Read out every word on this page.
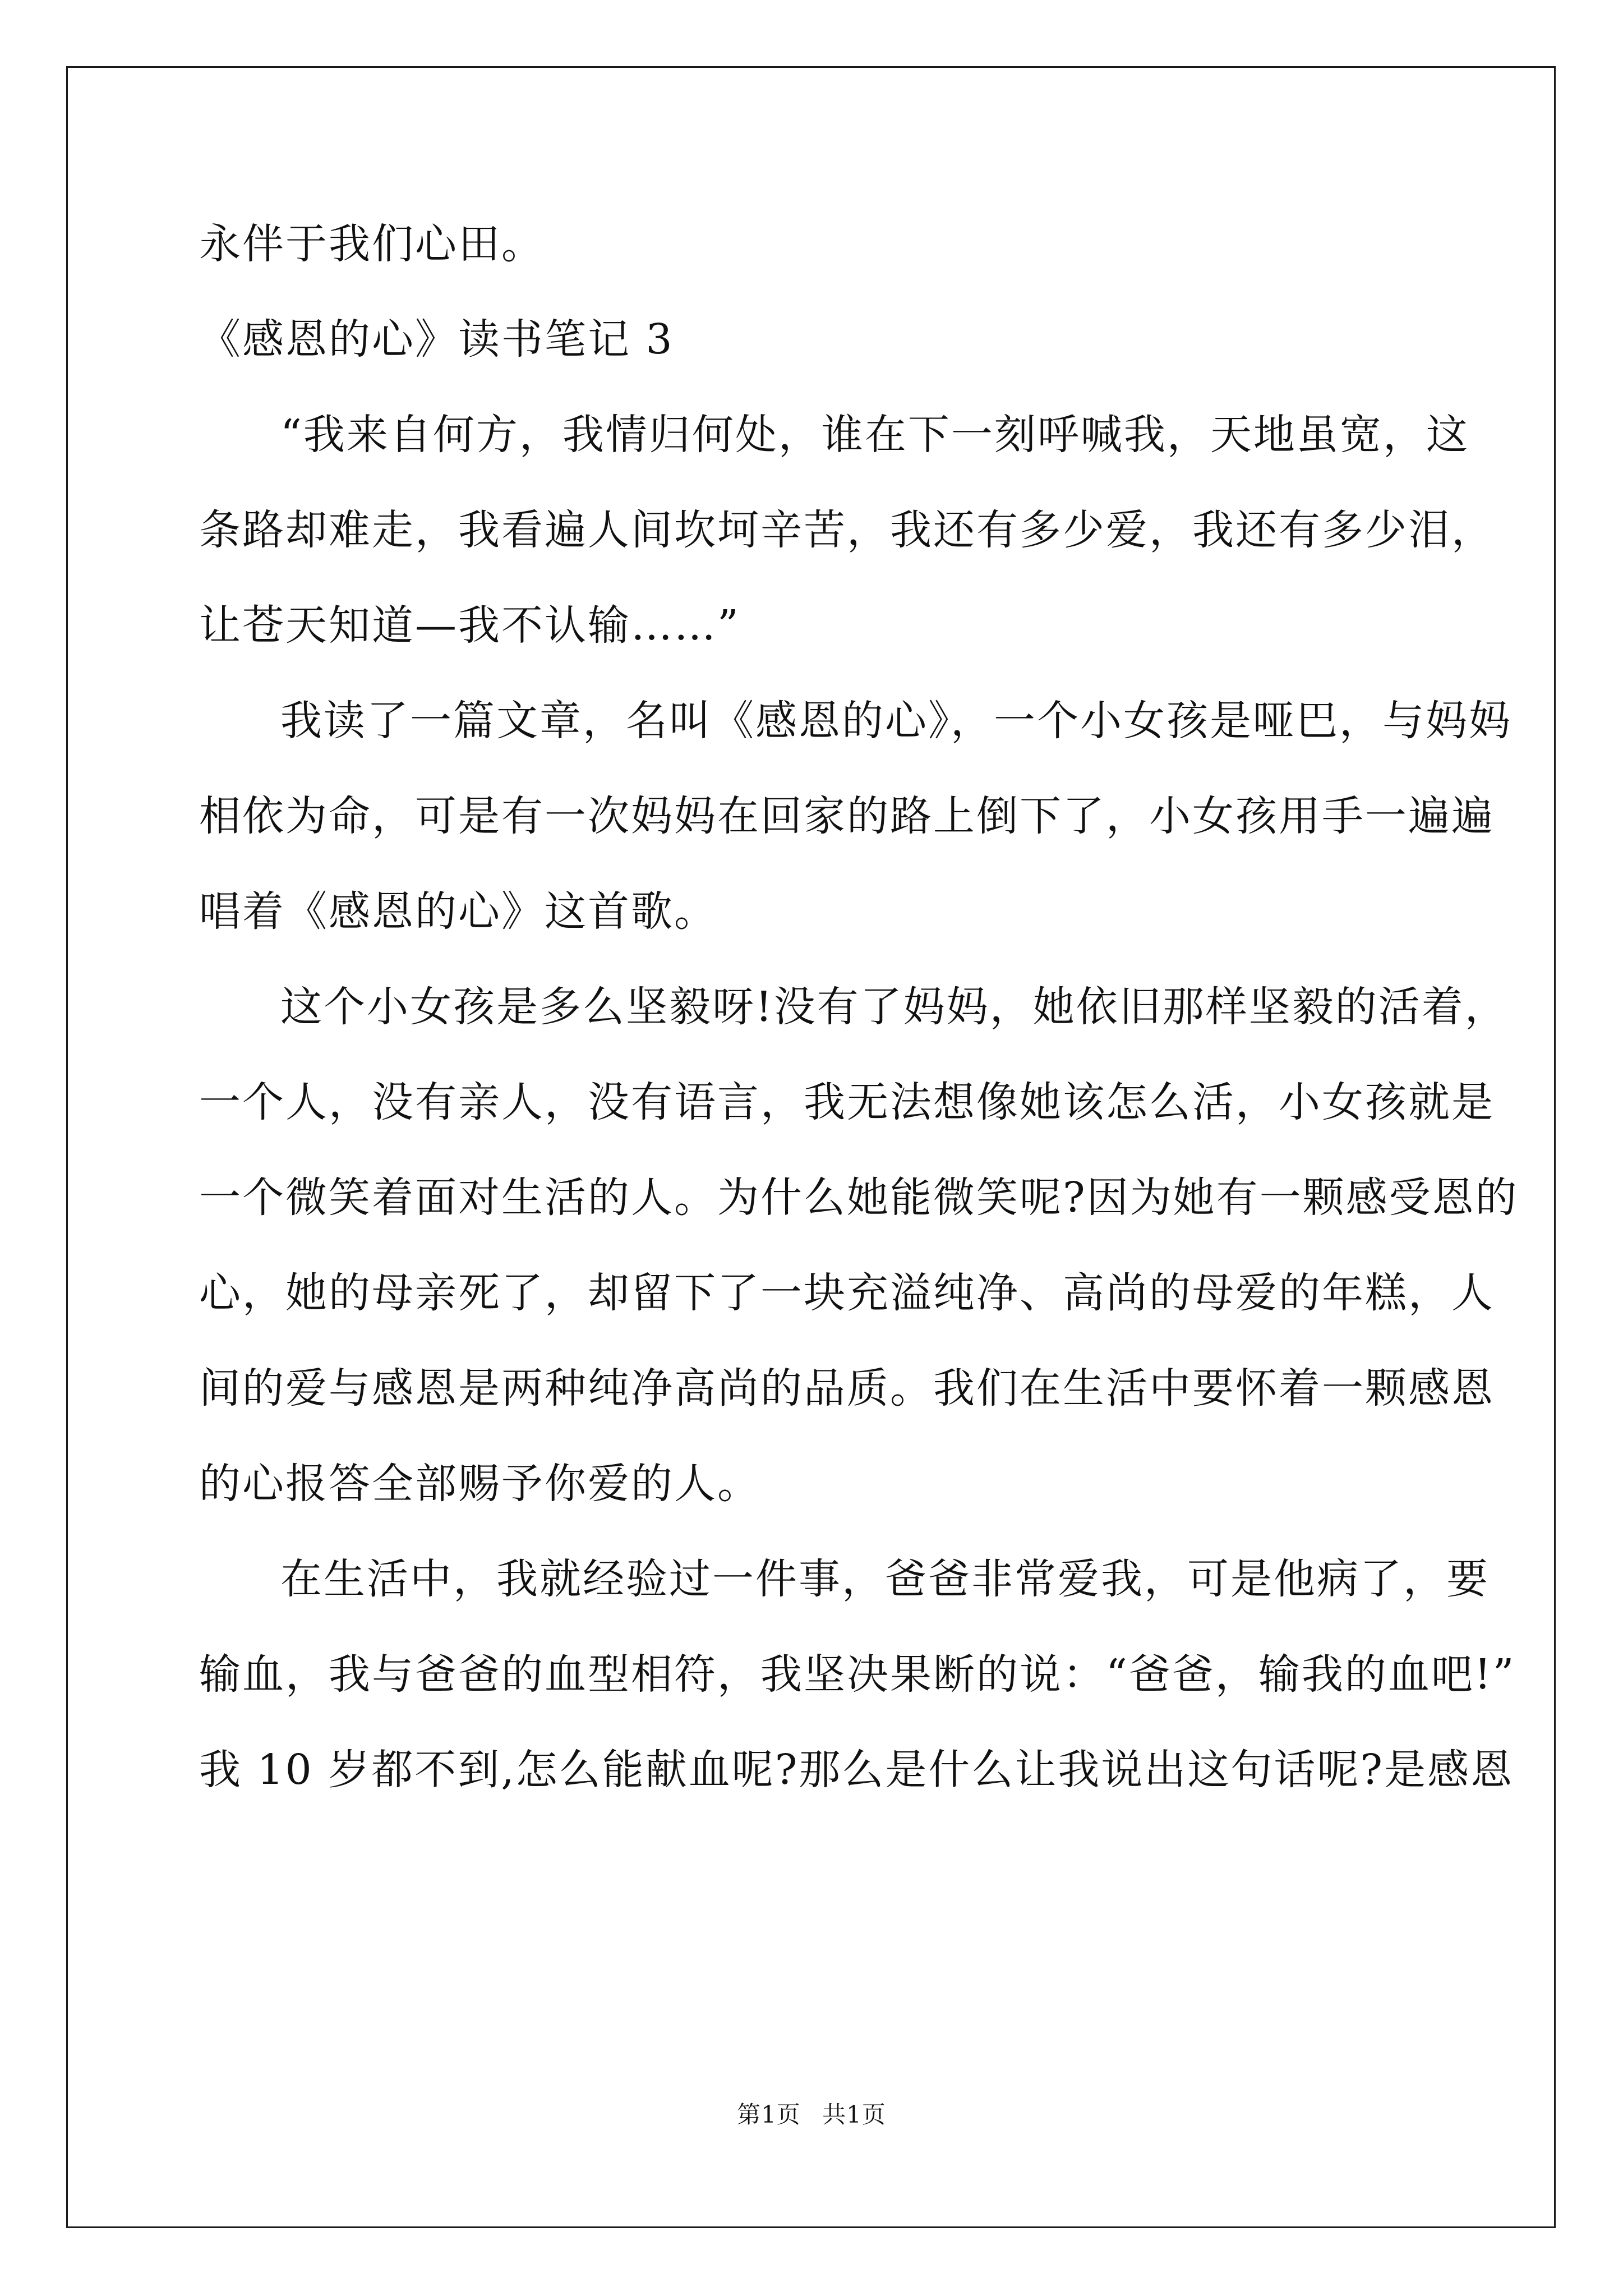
永伴于我们心田。
《感恩的心》读书笔记 3
“我来自何方，我情归何处，谁在下一刻呼喊我，天地虽宽，这
条路却难走，我看遍人间坎坷辛苦，我还有多少爱，我还有多少泪，
让苍天知道—我不认输……”
我读了一篇文章，名叫《感恩的心》，一个小女孩是哑巴，与妈妈
相依为命，可是有一次妈妈在回家的路上倒下了，小女孩用手一遍遍
唱着《感恩的心》这首歌。
这个小女孩是多么坚毅呀!没有了妈妈，她依旧那样坚毅的活着，
一个人，没有亲人，没有语言，我无法想像她该怎么活，小女孩就是
一个微笑着面对生活的人。为什么她能微笑呢?因为她有一颗感受恩的
心，她的母亲死了，却留下了一块充溢纯净、高尚的母爱的年糕，人
间的爱与感恩是两种纯净高尚的品质。我们在生活中要怀着一颗感恩
的心报答全部赐予你爱的人。
在生活中，我就经验过一件事，爸爸非常爱我，可是他病了，要
输血，我与爸爸的血型相符，我坚决果断的说：“爸爸，输我的血吧!”
我 10 岁都不到,怎么能献血呢?那么是什么让我说出这句话呢?是感恩
第1页 共1页
